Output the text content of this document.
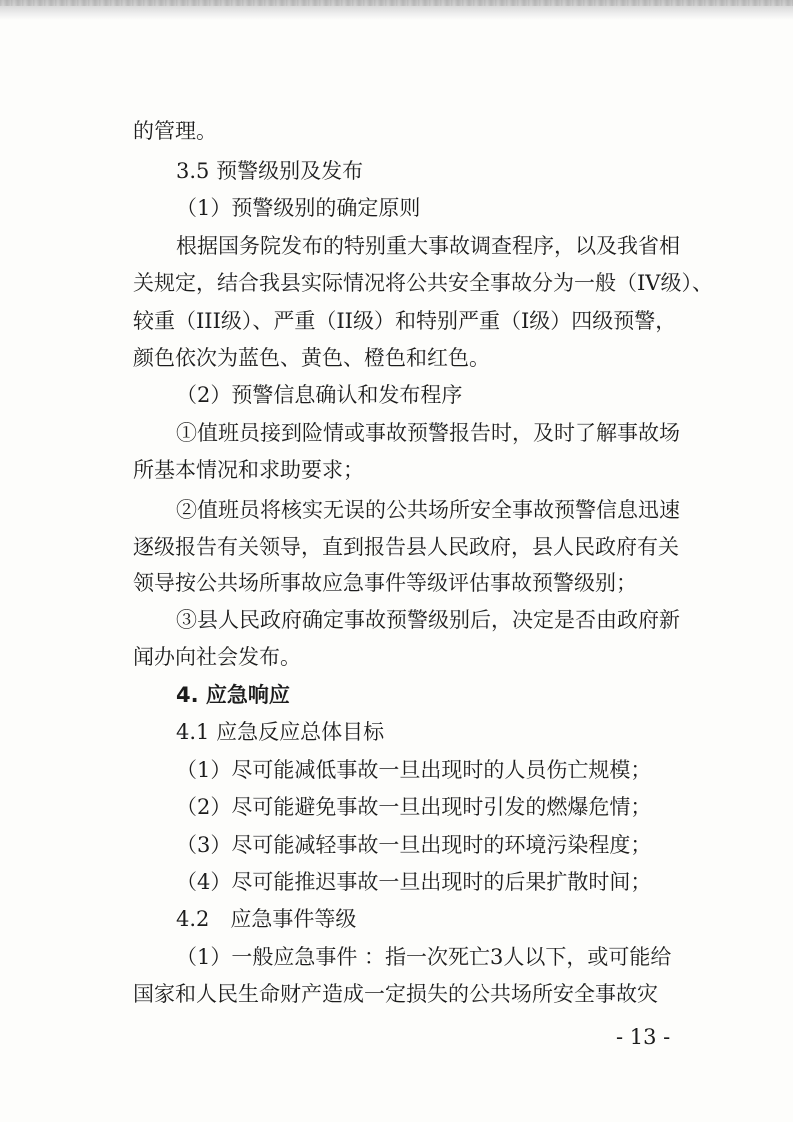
的管理。

3.5 预警级别及发布

（1）预警级别的确定原则

根据国务院发布的特别重大事故调查程序，以及我省相

关规定，结合我县实际情况将公共安全事故分为一般（IV级）、

较重（III级）、严重（II级）和特别严重（I级）四级预警，

颜色依次为蓝色、黄色、橙色和红色。

（2）预警信息确认和发布程序

①值班员接到险情或事故预警报告时，及时了解事故场

所基本情况和求助要求；

②值班员将核实无误的公共场所安全事故预警信息迅速

逐级报告有关领导，直到报告县人民政府，县人民政府有关

领导按公共场所事故应急事件等级评估事故预警级别；

③县人民政府确定事故预警级别后，决定是否由政府新

闻办向社会发布。

4. 应急响应

4.1 应急反应总体目标

（1）尽可能减低事故一旦出现时的人员伤亡规模；

（2）尽可能避免事故一旦出现时引发的燃爆危情；

（3）尽可能减轻事故一旦出现时的环境污染程度；

（4）尽可能推迟事故一旦出现时的后果扩散时间；

4.2　应急事件等级

（1）一般应急事件 ：指一次死亡3人以下，或可能给

国家和人民生命财产造成一定损失的公共场所安全事故灾

- 13 -
